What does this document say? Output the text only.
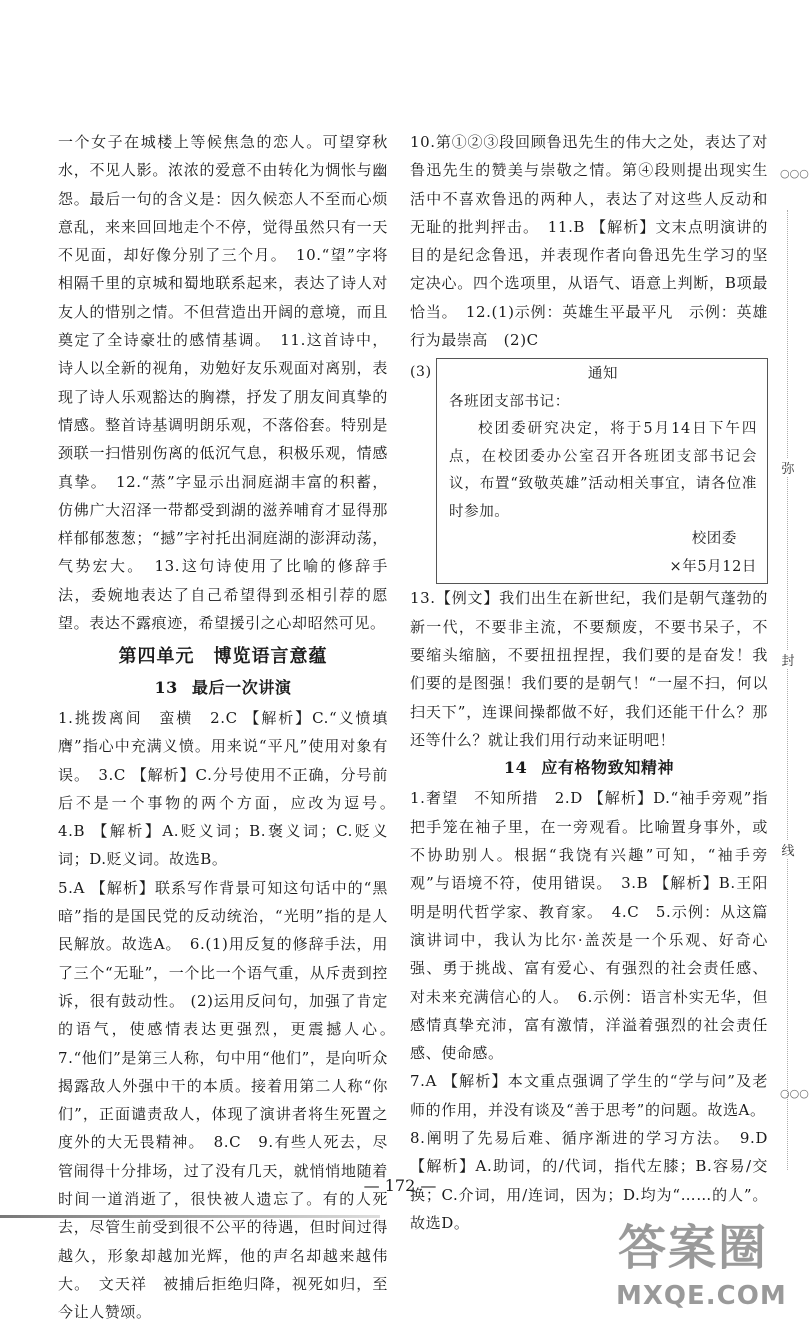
一个女子在城楼上等候焦急的恋人。可望穿秋水，不见人影。浓浓的爱意不由转化为惆怅与幽怨。最后一句的含义是：因久候恋人不至而心烦意乱，来来回回地走个不停，觉得虽然只有一天不见面，却好像分别了三个月。　10.“望”字将相隔千里的京城和蜀地联系起来，表达了诗人对友人的惜别之情。不但营造出开阔的意境，而且奠定了全诗豪壮的感情基调。　11.这首诗中，诗人以全新的视角，劝勉好友乐观面对离别，表现了诗人乐观豁达的胸襟，抒发了朋友间真挚的情感。整首诗基调明朗乐观，不落俗套。特别是颈联一扫惜别伤离的低沉气息，积极乐观，情感真挚。　12.“蒸”字显示出洞庭湖丰富的积蓄，仿佛广大沼泽一带都受到湖的滋养哺育才显得那样郁郁葱葱；“撼”字衬托出洞庭湖的澎湃动荡，气势宏大。　13.这句诗使用了比喻的修辞手法，委婉地表达了自己希望得到丞相引荐的愿望。表达不露痕迹，希望援引之心却昭然可见。

第四单元　博览语言意蕴
13 最后一次讲演

1.挑拨离间　蛮横　2.C 【解析】C.“义愤填膺”指心中充满义愤。用来说“平凡”使用对象有误。　3.C 【解析】C.分号使用不正确，分号前后不是一个事物的两个方面，应改为逗号。　4.B 【解析】A.贬义词；B.褒义词；C.贬义词；D.贬义词。故选B。

5.A 【解析】联系写作背景可知这句话中的“黑暗”指的是国民党的反动统治，“光明”指的是人民解放。故选A。　6.(1)用反复的修辞手法，用了三个“无耻”，一个比一个语气重，从斥责到控诉，很有鼓动性。 (2)运用反问句，加强了肯定的语气，使感情表达更强烈，更震撼人心。　7.“他们”是第三人称，句中用“他们”，是向听众揭露敌人外强中干的本质。接着用第二人称“你们”，正面谴责敌人，体现了演讲者将生死置之度外的大无畏精神。　8.C　9.有些人死去，尽管闹得十分排场，过了没有几天，就悄悄地随着时间一道消逝了，很快被人遗忘了。有的人死去，尽管生前受到很不公平的待遇，但时间过得越久，形象却越加光辉，他的声名却越来越伟大。　文天祥　被捕后拒绝归降，视死如归，至今让人赞颂。

10.第①②③段回顾鲁迅先生的伟大之处，表达了对鲁迅先生的赞美与崇敬之情。第④段则提出现实生活中不喜欢鲁迅的两种人，表达了对这些人反动和无耻的批判抨击。　11.B 【解析】文末点明演讲的目的是纪念鲁迅，并表现作者向鲁迅先生学习的坚定决心。四个选项里，从语气、语意上判断，B项最恰当。　12.(1)示例：英雄生平最平凡　示例：英雄行为最崇高　(2)C

(3)	通知
各班团支部书记：
校团委研究决定，将于5月14日下午四点，在校团委办公室召开各班团支部书记会议，布置“致敬英雄”活动相关事宜，请各位准时参加。
校团委
×年5月12日

13.【例文】我们出生在新世纪，我们是朝气蓬勃的新一代，不要非主流，不要颓废，不要书呆子，不要缩头缩脑，不要扭扭捏捏，我们要的是奋发！我们要的是图强！我们要的是朝气！“一屋不扫，何以扫天下”，连课间操都做不好，我们还能干什么？那还等什么？就让我们用行动来证明吧！

14 应有格物致知精神

1.奢望　不知所措　2.D 【解析】D.“袖手旁观”指把手笼在袖子里，在一旁观看。比喻置身事外，或不协助别人。根据“我饶有兴趣”可知，“袖手旁观”与语境不符，使用错误。　3.B 【解析】B.王阳明是明代哲学家、教育家。　4.C　5.示例：从这篇演讲词中，我认为比尔·盖茨是一个乐观、好奇心强、勇于挑战、富有爱心、有强烈的社会责任感、对未来充满信心的人。　6.示例：语言朴实无华，但感情真挚充沛，富有激情，洋溢着强烈的社会责任感、使命感。

7.A 【解析】本文重点强调了学生的“学与问”及老师的作用，并没有谈及“善于思考”的问题。故选A。

8.阐明了先易后难、循序渐进的学习方法。　9.D 【解析】A.助词，的/代词，指代左膝；B.容易/交换；C.介词，用/连词，因为；D.均为“……的人”。故选D。

○○○
弥
封
线
○○○
— 172 —
答案圈
MXQE.COM
